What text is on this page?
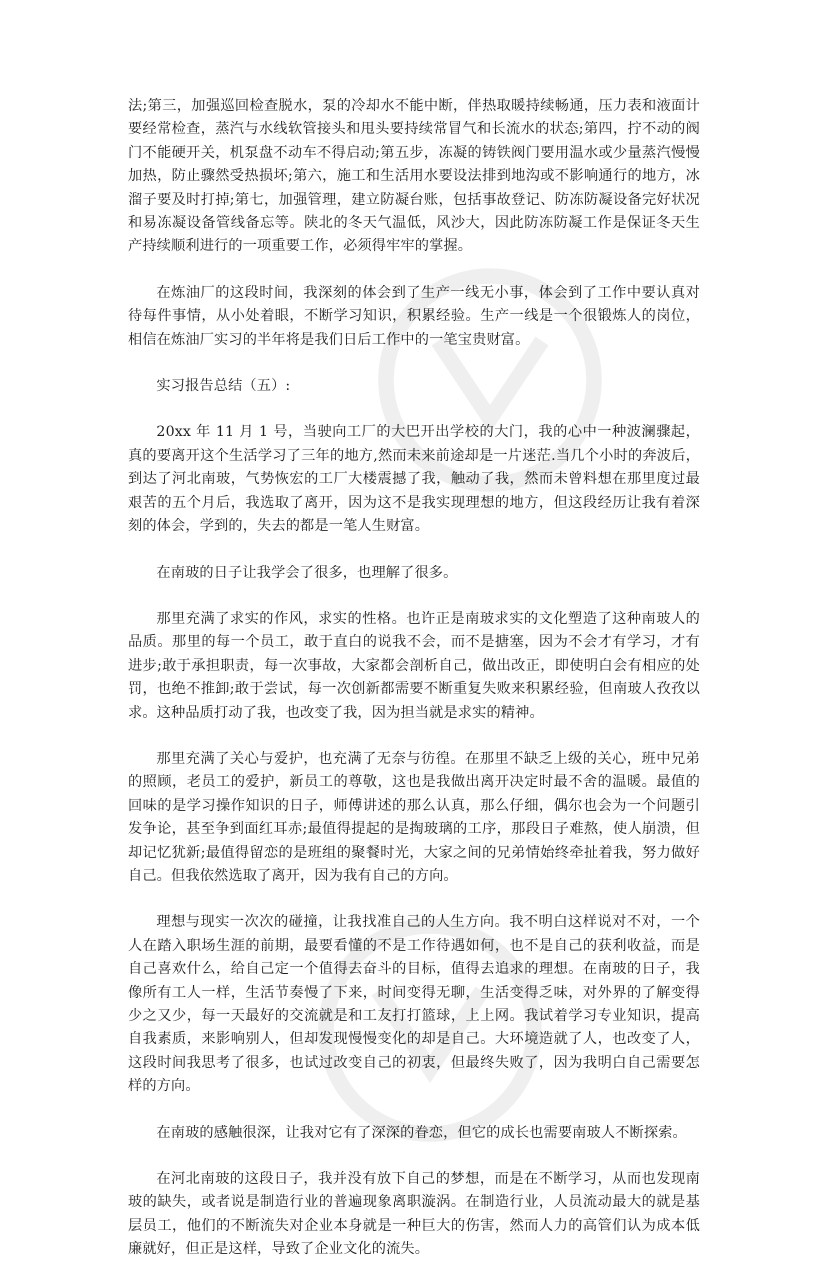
法;第三，加强巡回检查脱水，泵的冷却水不能中断，伴热取暖持续畅通，压力表和液面计要经常检查，蒸汽与水线软管接头和甩头要持续常冒气和长流水的状态;第四，拧不动的阀门不能硬开关，机泵盘不动车不得启动;第五步，冻凝的铸铁阀门要用温水或少量蒸汽慢慢加热，防止骤然受热损坏;第六，施工和生活用水要设法排到地沟或不影响通行的地方，冰溜子要及时打掉;第七，加强管理，建立防凝台账，包括事故登记、防冻防凝设备完好状况和易冻凝设备管线备忘等。陕北的冬天气温低，风沙大，因此防冻防凝工作是保证冬天生产持续顺利进行的一项重要工作，必须得牢牢的掌握。

在炼油厂的这段时间，我深刻的体会到了生产一线无小事，体会到了工作中要认真对待每件事情，从小处着眼，不断学习知识，积累经验。生产一线是一个很锻炼人的岗位，相信在炼油厂实习的半年将是我们日后工作中的一笔宝贵财富。

实习报告总结（五）:

20xx 年 11 月 1 号，当驶向工厂的大巴开出学校的大门，我的心中一种波澜骤起，真的要离开这个生活学习了三年的地方,然而未来前途却是一片迷茫.当几个小时的奔波后，到达了河北南玻，气势恢宏的工厂大楼震撼了我，触动了我，然而未曾料想在那里度过最艰苦的五个月后，我选取了离开，因为这不是我实现理想的地方，但这段经历让我有着深刻的体会，学到的，失去的都是一笔人生财富。

在南玻的日子让我学会了很多，也理解了很多。

那里充满了求实的作风，求实的性格。也许正是南玻求实的文化塑造了这种南玻人的品质。那里的每一个员工，敢于直白的说我不会，而不是搪塞，因为不会才有学习，才有进步;敢于承担职责，每一次事故，大家都会剖析自己，做出改正，即使明白会有相应的处罚，也绝不推卸;敢于尝试，每一次创新都需要不断重复失败来积累经验，但南玻人孜孜以求。这种品质打动了我，也改变了我，因为担当就是求实的精神。

那里充满了关心与爱护，也充满了无奈与彷徨。在那里不缺乏上级的关心，班中兄弟的照顾，老员工的爱护，新员工的尊敬，这也是我做出离开决定时最不舍的温暖。最值的回味的是学习操作知识的日子，师傅讲述的那么认真，那么仔细，偶尔也会为一个问题引发争论，甚至争到面红耳赤;最值得提起的是掏玻璃的工序，那段日子难熬，使人崩溃，但却记忆犹新;最值得留恋的是班组的聚餐时光，大家之间的兄弟情始终牵扯着我，努力做好自己。但我依然选取了离开，因为我有自己的方向。

理想与现实一次次的碰撞，让我找准自己的人生方向。我不明白这样说对不对，一个人在踏入职场生涯的前期，最要看懂的不是工作待遇如何，也不是自己的获利收益，而是自己喜欢什么，给自己定一个值得去奋斗的目标，值得去追求的理想。在南玻的日子，我像所有工人一样，生活节奏慢了下来，时间变得无聊，生活变得乏味，对外界的了解变得少之又少，每一天最好的交流就是和工友打打篮球，上上网。我试着学习专业知识，提高自我素质，来影响别人，但却发现慢慢变化的却是自己。大环境造就了人，也改变了人，这段时间我思考了很多，也试过改变自己的初衷，但最终失败了，因为我明白自己需要怎样的方向。

在南玻的感触很深，让我对它有了深深的眷恋，但它的成长也需要南玻人不断探索。

在河北南玻的这段日子，我并没有放下自己的梦想，而是在不断学习，从而也发现南玻的缺失，或者说是制造行业的普遍现象离职漩涡。在制造行业，人员流动最大的就是基层员工，他们的不断流失对企业本身就是一种巨大的伤害，然而人力的高管们认为成本低廉就好，但正是这样，导致了企业文化的流失。
